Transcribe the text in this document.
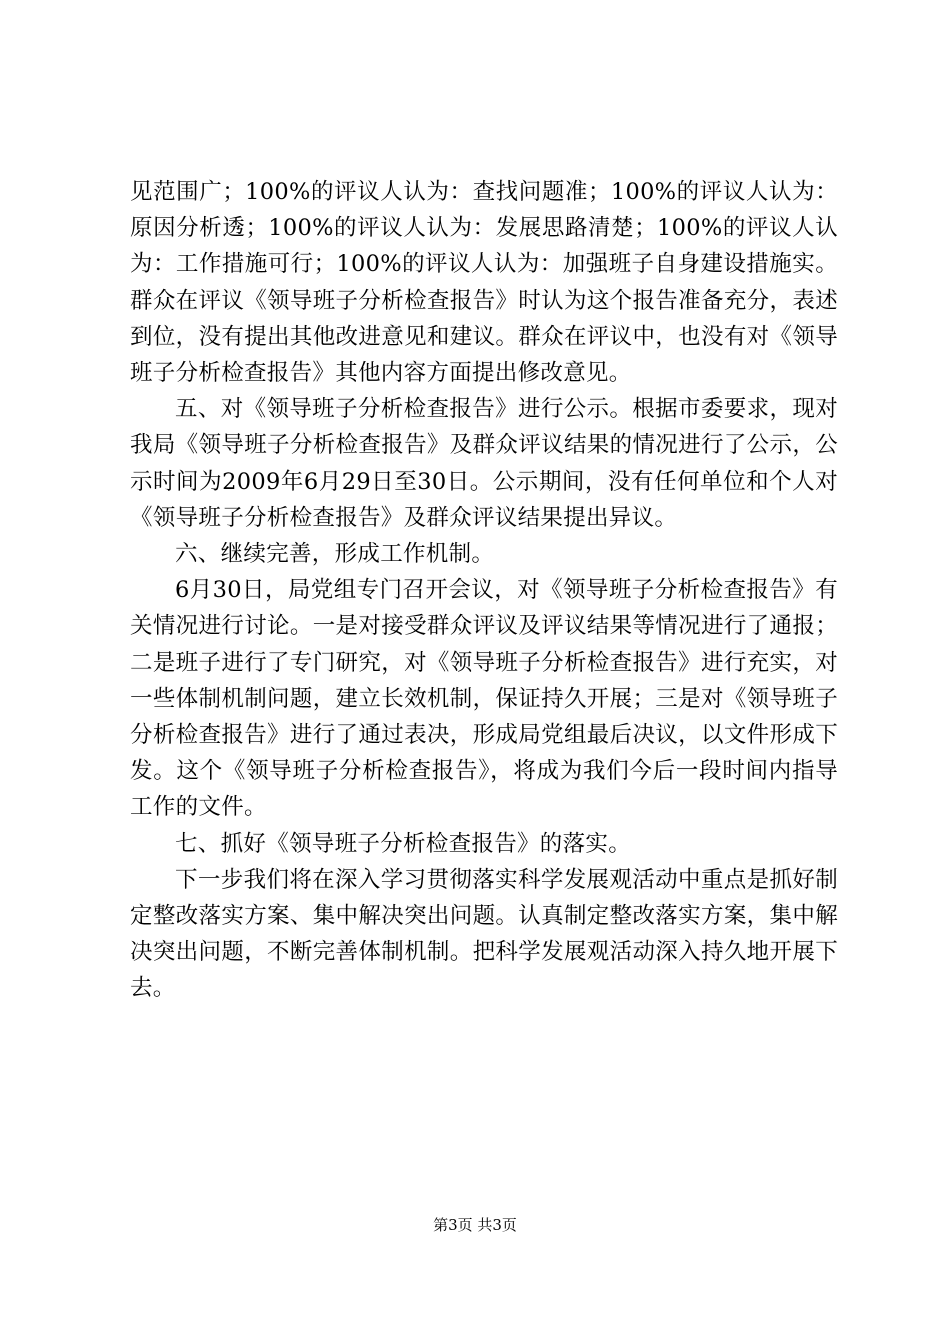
见范围广；100%的评议人认为：查找问题准；100%的评议人认为：原因分析透；100%的评议人认为：发展思路清楚；100%的评议人认为：工作措施可行；100%的评议人认为：加强班子自身建设措施实。群众在评议《领导班子分析检查报告》时认为这个报告准备充分，表述到位，没有提出其他改进意见和建议。群众在评议中，也没有对《领导班子分析检查报告》其他内容方面提出修改意见。

五、对《领导班子分析检查报告》进行公示。根据市委要求，现对我局《领导班子分析检查报告》及群众评议结果的情况进行了公示，公示时间为2009年6月29日至30日。公示期间，没有任何单位和个人对《领导班子分析检查报告》及群众评议结果提出异议。

六、继续完善，形成工作机制。

6月30日，局党组专门召开会议，对《领导班子分析检查报告》有关情况进行讨论。一是对接受群众评议及评议结果等情况进行了通报；二是班子进行了专门研究，对《领导班子分析检查报告》进行充实，对一些体制机制问题，建立长效机制，保证持久开展；三是对《领导班子分析检查报告》进行了通过表决，形成局党组最后决议，以文件形成下发。这个《领导班子分析检查报告》，将成为我们今后一段时间内指导工作的文件。

七、抓好《领导班子分析检查报告》的落实。

下一步我们将在深入学习贯彻落实科学发展观活动中重点是抓好制定整改落实方案、集中解决突出问题。认真制定整改落实方案，集中解决突出问题，不断完善体制机制。把科学发展观活动深入持久地开展下去。

第3页 共3页
